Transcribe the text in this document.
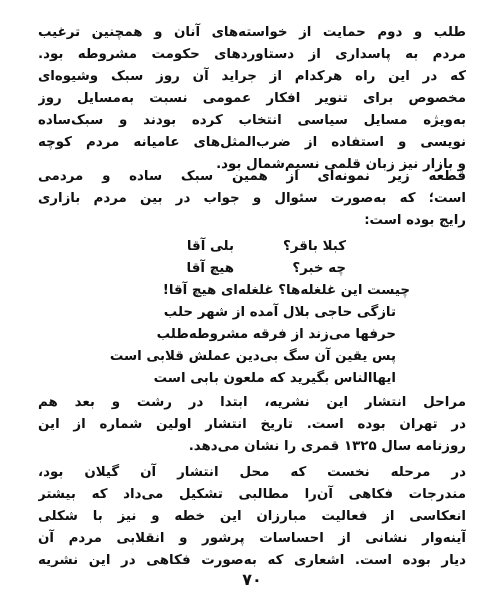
طلب و دوم حمایت از خواسته‌های آنان و همچنین ترغیب
مردم به پاسداری از دستاوردهای حکومت مشروطه بود.
که در این راه هرکدام از جراید آن روز سبک وشیوه‌ای
مخصوص برای تنویر افکار عمومی نسبت به‌مسایل روز
به‌ویژه مسایل سیاسی انتخاب کرده بودند و سبک‌ساده‌
نویسی و استفاده از ضرب‌المثل‌های عامیانه مردم کوچه
و بازار نیز زبان قلمی نسیم‌شمال بود.
قطعه زیر نمونه‌ای از همین سبک ساده و مردمی
است؛ که به‌صورت سئوال و جواب در بین مردم بازاری
رایج بوده است:
کبلا باقر؟
بلی آقا
چه خبر؟
هیچ آقا
چیست این غلغله‌ها؟ غلغله‌ای هیچ آقا!
تازگی حاجی بلال آمده از شهر حلب
حرفها می‌زند از فرقه مشروطه‌طلب
پس یقین آن سگ بی‌دین عملش قلابی است
ایهاالناس بگیرید که ملعون بابی است
مراحل انتشار این نشریه، ابتدا در رشت و بعد هم
در تهران بوده است. تاریخ انتشار اولین شماره از این
روزنامه سال ۱۳۲۵ قمری را نشان می‌دهد.
در مرحله نخست که محل انتشار آن گیلان بود،
مندرجات فکاهی آن‌را مطالبی تشکیل می‌داد که بیشتر
انعکاسی از فعالیت مبارزان این خطه و نیز با شکلی
آینه‌وار نشانی از احساسات پرشور و انقلابی مردم آن
دیار بوده است. اشعاری که به‌صورت فکاهی در این نشریه
۷۰
